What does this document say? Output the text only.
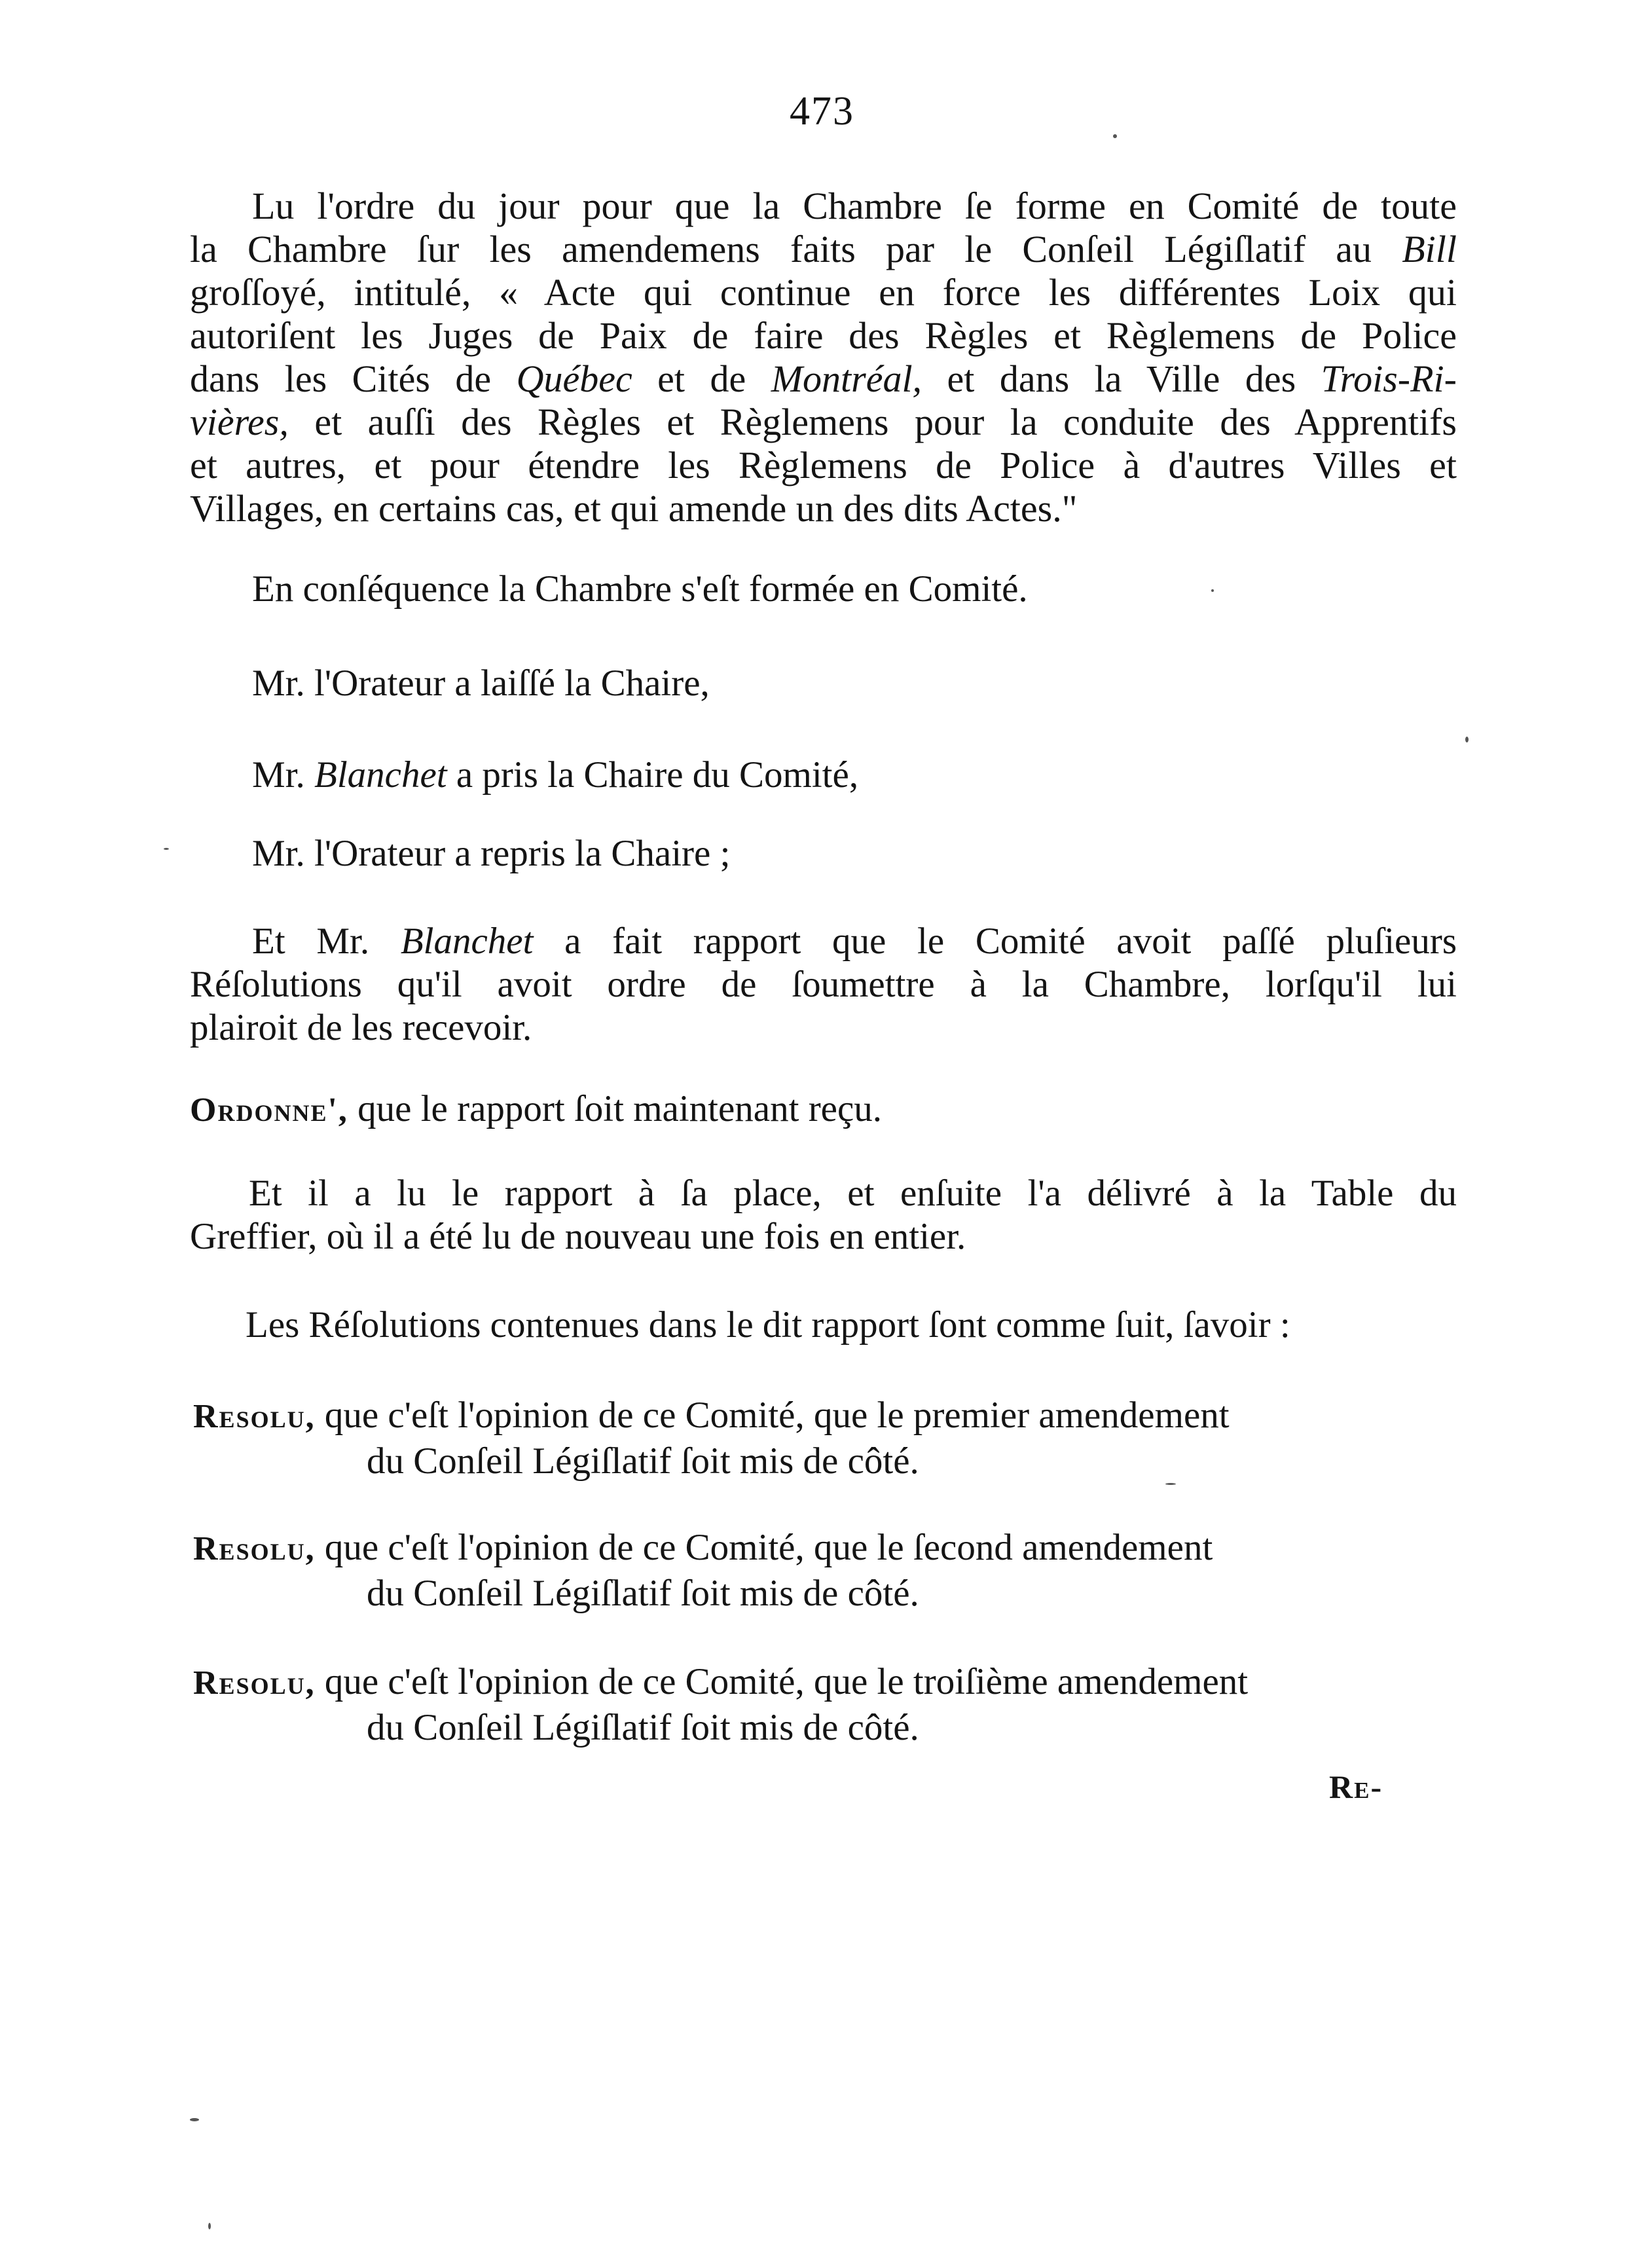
473
Lu l'ordre du jour pour que la Chambre ſe forme en Comité de toute
la Chambre ſur les amendemens faits par le Conſeil Légiſlatif au Bill
groſſoyé, intitulé, « Acte qui continue en force les différentes Loix qui
autoriſent les Juges de Paix de faire des Règles et Règlemens de Police
dans les Cités de Québec et de Montréal, et dans la Ville des Trois-Ri-
vières, et auſſi des Règles et Règlemens pour la conduite des Apprentifs
et autres, et pour étendre les Règlemens de Police à d'autres Villes et
Villages, en certains cas, et qui amende un des dits Actes."
En conſéquence la Chambre s'eſt formée en Comité.
Mr. l'Orateur a laiſſé la Chaire,
Mr. Blanchet a pris la Chaire du Comité,
Mr. l'Orateur a repris la Chaire ;
Et Mr. Blanchet a fait rapport que le Comité avoit paſſé pluſieurs
Réſolutions qu'il avoit ordre de ſoumettre à la Chambre, lorſqu'il lui
plairoit de les recevoir.
Ordonne', que le rapport ſoit maintenant reçu.
Et il a lu le rapport à ſa place, et enſuite l'a délivré à la Table du
Greffier, où il a été lu de nouveau une fois en entier.
Les Réſolutions contenues dans le dit rapport ſont comme ſuit, ſavoir :
Resolu, que c'eſt l'opinion de ce Comité, que le premier amendement
du Conſeil Légiſlatif ſoit mis de côté.
Resolu, que c'eſt l'opinion de ce Comité, que le ſecond amendement
du Conſeil Légiſlatif ſoit mis de côté.
Resolu, que c'eſt l'opinion de ce Comité, que le troiſième amendement
du Conſeil Légiſlatif ſoit mis de côté.
Re-
